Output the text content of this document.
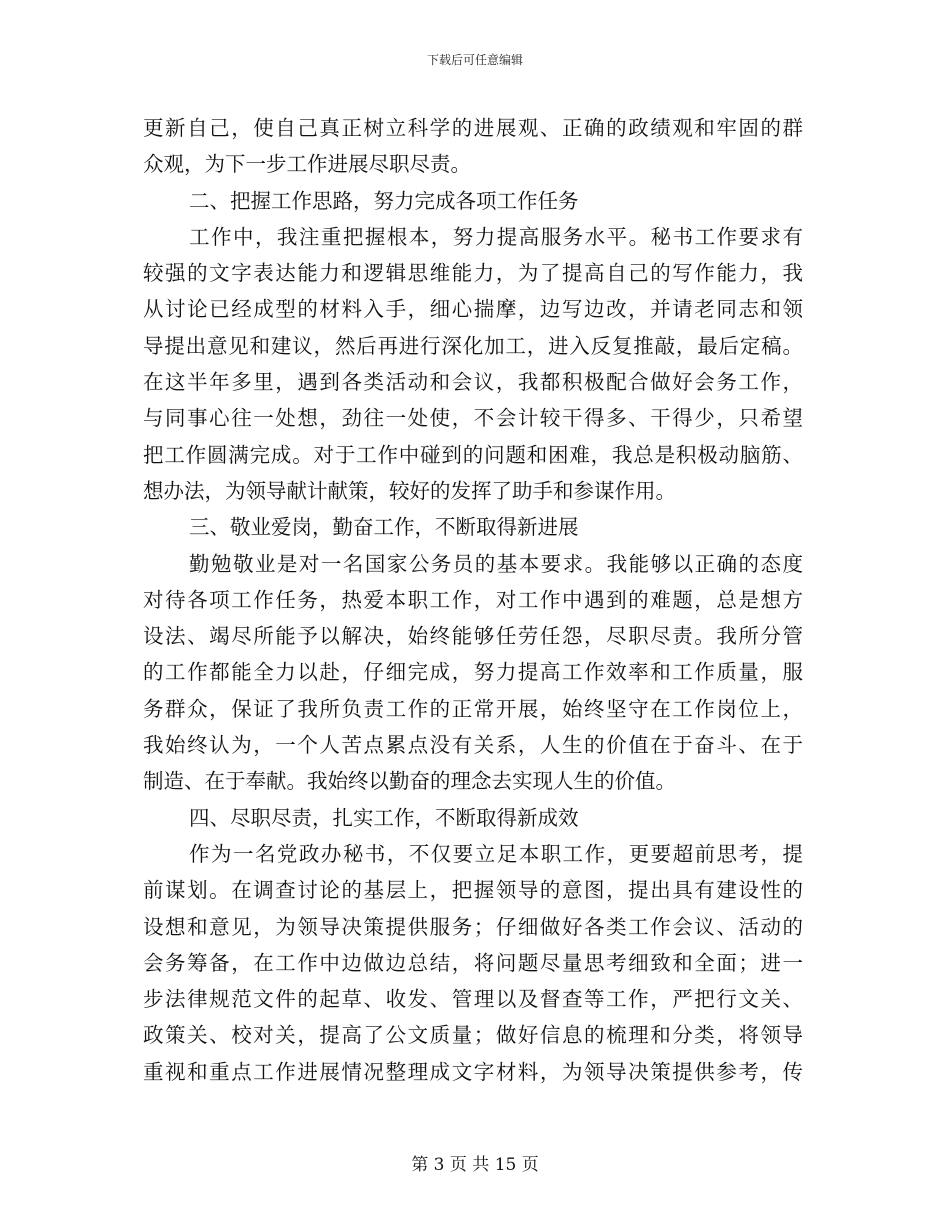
下载后可任意编辑
更新自己，使自己真正树立科学的进展观、正确的政绩观和牢固的群
众观，为下一步工作进展尽职尽责。
二、把握工作思路，努力完成各项工作任务
工作中，我注重把握根本，努力提高服务水平。秘书工作要求有
较强的文字表达能力和逻辑思维能力，为了提高自己的写作能力，我
从讨论已经成型的材料入手，细心揣摩，边写边改，并请老同志和领
导提出意见和建议，然后再进行深化加工，进入反复推敲，最后定稿。
在这半年多里，遇到各类活动和会议，我都积极配合做好会务工作，
与同事心往一处想，劲往一处使，不会计较干得多、干得少，只希望
把工作圆满完成。对于工作中碰到的问题和困难，我总是积极动脑筋、
想办法，为领导献计献策，较好的发挥了助手和参谋作用。
三、敬业爱岗，勤奋工作，不断取得新进展
勤勉敬业是对一名国家公务员的基本要求。我能够以正确的态度
对待各项工作任务，热爱本职工作，对工作中遇到的难题，总是想方
设法、竭尽所能予以解决，始终能够任劳任怨，尽职尽责。我所分管
的工作都能全力以赴，仔细完成，努力提高工作效率和工作质量，服
务群众，保证了我所负责工作的正常开展，始终坚守在工作岗位上，
我始终认为，一个人苦点累点没有关系，人生的价值在于奋斗、在于
制造、在于奉献。我始终以勤奋的理念去实现人生的价值。
四、尽职尽责，扎实工作，不断取得新成效
作为一名党政办秘书，不仅要立足本职工作，更要超前思考，提
前谋划。在调查讨论的基层上，把握领导的意图，提出具有建设性的
设想和意见，为领导决策提供服务；仔细做好各类工作会议、活动的
会务筹备，在工作中边做边总结，将问题尽量思考细致和全面；进一
步法律规范文件的起草、收发、管理以及督查等工作，严把行文关、
政策关、校对关，提高了公文质量；做好信息的梳理和分类，将领导
重视和重点工作进展情况整理成文字材料，为领导决策提供参考，传
第 3 页 共 15 页
